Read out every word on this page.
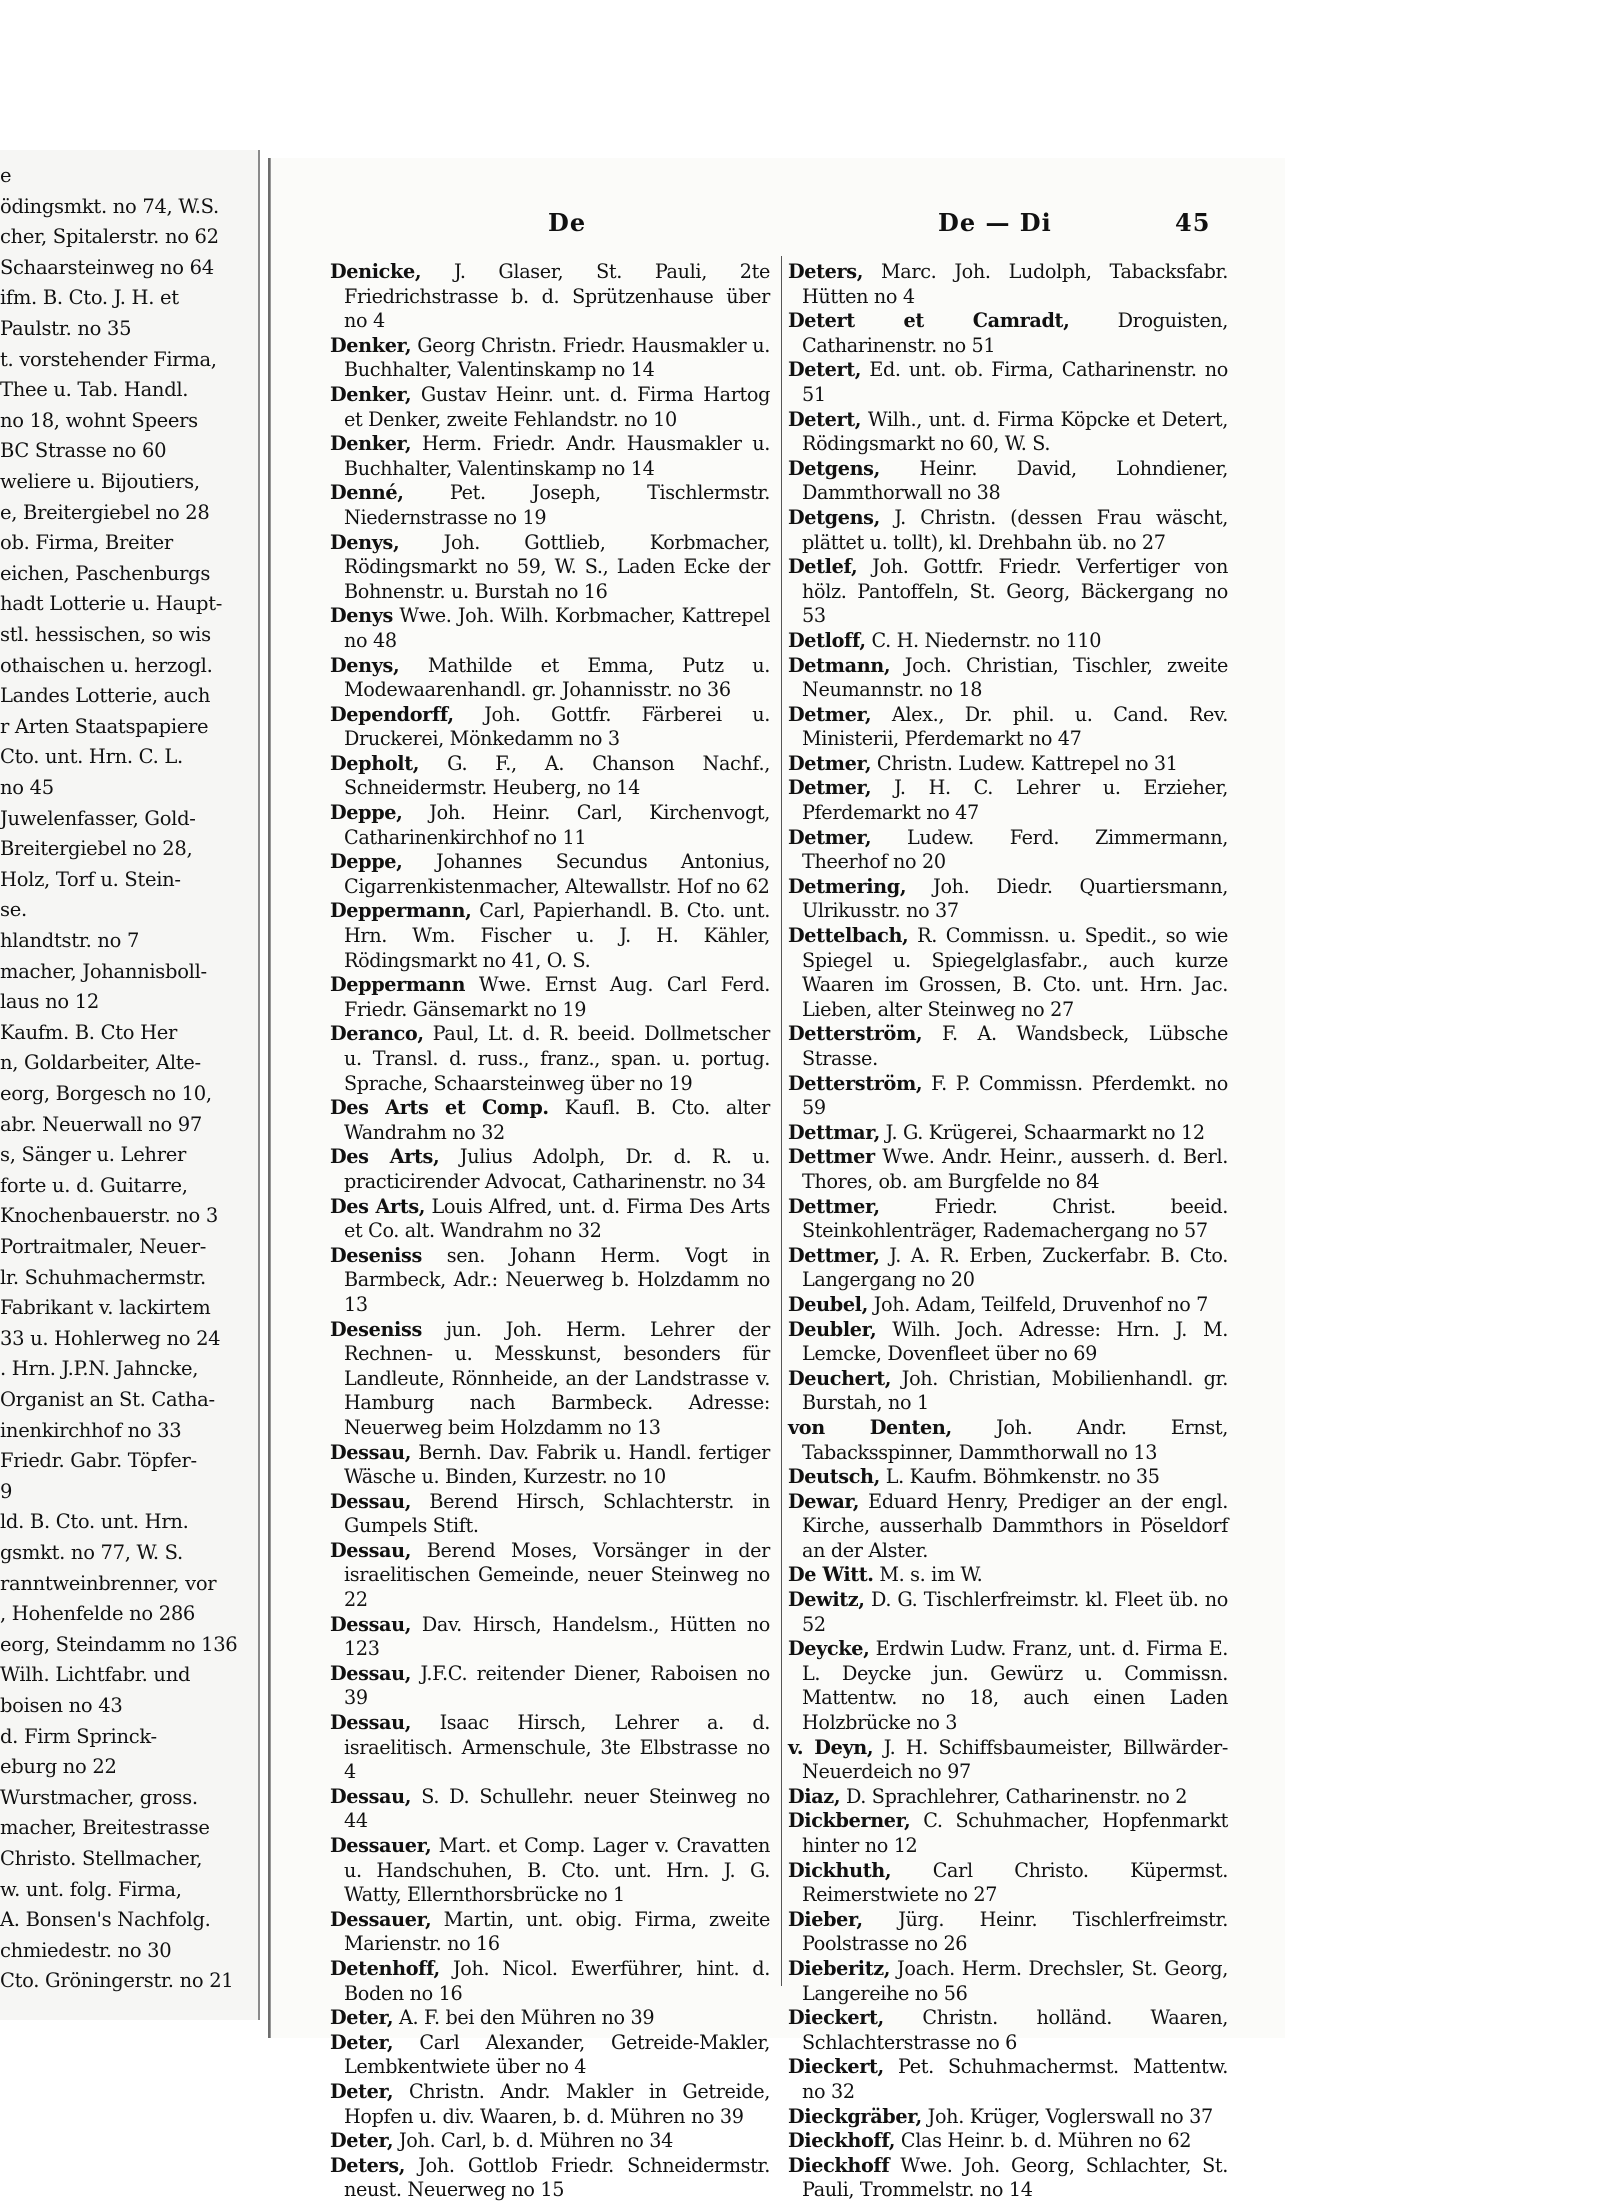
e
ödingsmkt. no 74, W.S.
cher, Spitalerstr. no 62
Schaarsteinweg no 64
ifm. B. Cto. J. H. et
Paulstr. no 35
t. vorstehender Firma,
Thee u. Tab. Handl.
no 18, wohnt Speers
BC Strasse no 60
weliere u. Bijoutiers,
e, Breitergiebel no 28
ob. Firma, Breiter
eichen, Paschenburgs
hadt Lotterie u. Haupt-
stl. hessischen, so wis
othaischen u. herzogl.
Landes Lotterie, auch
r Arten Staatspapiere
Cto. unt. Hrn. C. L.
no 45
Juwelenfasser, Gold-
Breitergiebel no 28,
Holz, Torf u. Stein-
se.
hlandtstr. no 7
macher, Johannisboll-
laus no 12
Kaufm. B. Cto Her
n, Goldarbeiter, Alte-
eorg, Borgesch no 10,
abr. Neuerwall no 97
s, Sänger u. Lehrer
forte u. d. Guitarre,
Knochenbauerstr. no 3
Portraitmaler, Neuer-
lr. Schuhmachermstr.
Fabrikant v. lackirtem
33 u. Hohlerweg no 24
. Hrn. J.P.N. Jahncke,
Organist an St. Catha-
inenkirchhof no 33
Friedr. Gabr. Töpfer-
9
ld. B. Cto. unt. Hrn.
gsmkt. no 77, W. S.
ranntweinbrenner, vor
, Hohenfelde no 286
eorg, Steindamm no 136
Wilh. Lichtfabr. und
boisen no 43
d. Firm Sprinck-
eburg no 22
Wurstmacher, gross.
macher, Breitestrasse
Christo. Stellmacher,
w. unt. folg. Firma,
A. Bonsen's Nachfolg.
chmiedestr. no 30
Cto. Gröningerstr. no 21
De	De — Di	45

Denicke, J. Glaser, St. Pauli, 2te Friedrichstrasse b. d. Sprützenhause über no 4

Denker, Georg Christn. Friedr. Hausmakler u. Buchhalter, Valentinskamp no 14

Denker, Gustav Heinr. unt. d. Firma Hartog et Denker, zweite Fehlandstr. no 10

Denker, Herm. Friedr. Andr. Hausmakler u. Buchhalter, Valentinskamp no 14

Denné, Pet. Joseph, Tischlermstr. Niedernstrasse no 19

Denys, Joh. Gottlieb, Korbmacher, Rödingsmarkt no 59, W. S., Laden Ecke der Bohnenstr. u. Burstah no 16

Denys Wwe. Joh. Wilh. Korbmacher, Kattrepel no 48

Denys, Mathilde et Emma, Putz u. Modewaarenhandl. gr. Johannisstr. no 36

Dependorff, Joh. Gottfr. Färberei u. Druckerei, Mönkedamm no 3

Depholt, G. F., A. Chanson Nachf., Schneidermstr. Heuberg, no 14

Deppe, Joh. Heinr. Carl, Kirchenvogt, Catharinenkirchhof no 11

Deppe, Johannes Secundus Antonius, Cigarrenkistenmacher, Altewallstr. Hof no 62

Deppermann, Carl, Papierhandl. B. Cto. unt. Hrn. Wm. Fischer u. J. H. Kähler, Rödingsmarkt no 41, O. S.

Deppermann Wwe. Ernst Aug. Carl Ferd. Friedr. Gänsemarkt no 19

Deranco, Paul, Lt. d. R. beeid. Dollmetscher u. Transl. d. russ., franz., span. u. portug. Sprache, Schaarsteinweg über no 19

Des Arts et Comp. Kaufl. B. Cto. alter Wandrahm no 32

Des Arts, Julius Adolph, Dr. d. R. u. practicirender Advocat, Catharinenstr. no 34

Des Arts, Louis Alfred, unt. d. Firma Des Arts et Co. alt. Wandrahm no 32

Deseniss sen. Johann Herm. Vogt in Barmbeck, Adr.: Neuerweg b. Holzdamm no 13

Deseniss jun. Joh. Herm. Lehrer der Rechnen- u. Messkunst, besonders für Landleute, Rönnheide, an der Landstrasse v. Hamburg nach Barmbeck. Adresse: Neuerweg beim Holzdamm no 13

Dessau, Bernh. Dav. Fabrik u. Handl. fertiger Wäsche u. Binden, Kurzestr. no 10

Dessau, Berend Hirsch, Schlachterstr. in Gumpels Stift.

Dessau, Berend Moses, Vorsänger in der israelitischen Gemeinde, neuer Steinweg no 22

Dessau, Dav. Hirsch, Handelsm., Hütten no 123

Dessau, J.F.C. reitender Diener, Raboisen no 39

Dessau, Isaac Hirsch, Lehrer a. d. israelitisch. Armenschule, 3te Elbstrasse no 4

Dessau, S. D. Schullehr. neuer Steinweg no 44

Dessauer, Mart. et Comp. Lager v. Cravatten u. Handschuhen, B. Cto. unt. Hrn. J. G. Watty, Ellernthorsbrücke no 1

Dessauer, Martin, unt. obig. Firma, zweite Marienstr. no 16

Detenhoff, Joh. Nicol. Ewerführer, hint. d. Boden no 16

Deter, A. F. bei den Mühren no 39

Deter, Carl Alexander, Getreide-Makler, Lembkentwiete über no 4

Deter, Christn. Andr. Makler in Getreide, Hopfen u. div. Waaren, b. d. Mühren no 39

Deter, Joh. Carl, b. d. Mühren no 34

Deters, Joh. Gottlob Friedr. Schneidermstr. neust. Neuerweg no 15

Deters, Marc. Joh. Ludolph, Tabacksfabr. Hütten no 4

Detert et Camradt,	Droguisten, Catharinenstr. no 51

Detert, Ed. unt. ob. Firma, Catharinenstr. no 51

Detert, Wilh., unt. d. Firma Köpcke et Detert, Rödingsmarkt no 60, W. S.

Detgens, Heinr. David, Lohndiener, Dammthorwall no 38

Detgens, J. Christn. (dessen Frau wäscht, plättet u. tollt), kl. Drehbahn üb. no 27

Detlef, Joh. Gottfr. Friedr. Verfertiger von hölz. Pantoffeln, St. Georg, Bäckergang no 53

Detloff, C. H. Niedernstr. no 110

Detmann, Joch. Christian, Tischler, zweite Neumannstr. no 18

Detmer, Alex., Dr. phil. u. Cand. Rev. Ministerii, Pferdemarkt no 47

Detmer, Christn. Ludew. Kattrepel no 31

Detmer, J. H. C. Lehrer u. Erzieher, Pferdemarkt no 47

Detmer, Ludew. Ferd. Zimmermann, Theerhof no 20

Detmering, Joh. Diedr. Quartiersmann, Ulrikusstr. no 37

Dettelbach, R. Commissn. u. Spedit., so wie Spiegel u. Spiegelglasfabr., auch kurze Waaren im Grossen, B. Cto. unt. Hrn. Jac. Lieben, alter Steinweg no 27

Detterström, F. A. Wandsbeck, Lübsche Strasse.

Detterström, F. P. Commissn. Pferdemkt. no 59

Dettmar, J. G. Krügerei, Schaarmarkt no 12

Dettmer Wwe. Andr. Heinr., ausserh. d. Berl. Thores, ob. am Burgfelde no 84

Dettmer,	Friedr. Christ. beeid. Steinkohlenträger, Rademachergang no 57

Dettmer, J. A. R. Erben, Zuckerfabr. B. Cto. Langergang no 20

Deubel, Joh. Adam, Teilfeld, Druvenhof no 7

Deubler, Wilh. Joch. Adresse: Hrn. J. M. Lemcke, Dovenfleet über no 69

Deuchert, Joh. Christian, Mobilienhandl. gr. Burstah, no 1

von Denten, Joh. Andr. Ernst, Tabacksspinner, Dammthorwall no 13

Deutsch, L. Kaufm. Böhmkenstr. no 35

Dewar, Eduard Henry, Prediger an der engl. Kirche, ausserhalb Dammthors in Pöseldorf an der Alster.

De Witt. M. s. im W.

Dewitz, D. G. Tischlerfreimstr. kl. Fleet üb. no 52

Deycke, Erdwin Ludw. Franz, unt. d. Firma E. L. Deycke jun. Gewürz u. Commissn. Mattentw. no 18, auch einen Laden Holzbrücke no 3

v. Deyn, J. H. Schiffsbaumeister, Billwärder-Neuerdeich no 97

Diaz, D. Sprachlehrer, Catharinenstr. no 2

Dickberner, C. Schuhmacher, Hopfenmarkt hinter no 12

Dickhuth, Carl Christo. Küpermst. Reimerstwiete no 27

Dieber, Jürg. Heinr. Tischlerfreimstr. Poolstrasse no 26

Dieberitz, Joach. Herm. Drechsler, St. Georg, Langereihe no 56

Dieckert, Christn. holländ. Waaren, Schlachterstrasse no 6

Dieckert, Pet. Schuhmachermst. Mattentw. no 32

Dieckgräber, Joh. Krüger, Voglerswall no 37

Dieckhoff, Clas Heinr. b. d. Mühren no 62

Dieckhoff Wwe. Joh. Georg, Schlachter, St. Pauli, Trommelstr. no 14
